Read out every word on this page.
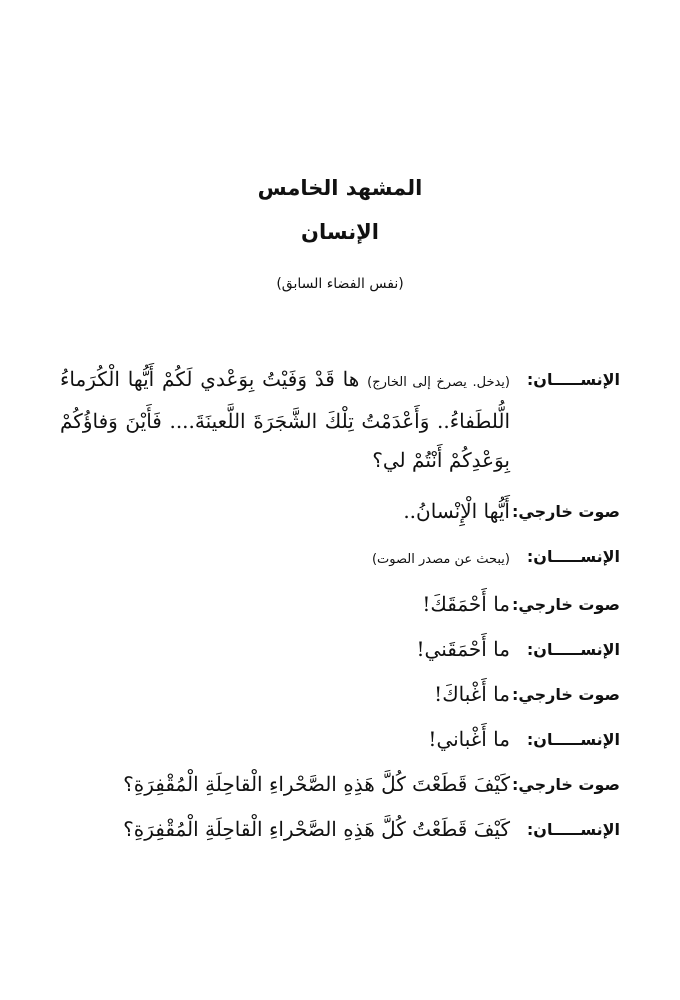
المشهد الخامس
الإنسان
(نفس الفضاء السابق)
الإنســـــان:
(يدخل. يصرخ إلى الخارج) ها قَدْ وَفَيْتُ بِوَعْدي لَكُمْ أَيُّها الْكُرَماءُ الُّلطَفاءُ.. وَأَعْدَمْتُ تِلْكَ الشَّجَرَةَ اللَّعينَةَ.... فَأَيْنَ وَفاؤُكُمْ بِوَعْدِكُمْ أَنْتُمْ لي؟
صوت خارجي:
أَيُّها الْإِنْسانُ..
الإنســـــان:
(يبحث عن مصدر الصوت)
صوت خارجي:
ما أَحْمَقَكَ!
الإنســـــان:
ما أَحْمَقَني!
صوت خارجي:
ما أَغْباكَ!
الإنســـــان:
ما أَغْباني!
صوت خارجي:
كَيْفَ قَطَعْتَ كُلَّ هَذِهِ الصَّحْراءِ الْقاحِلَةِ الْمُقْفِرَةِ؟
الإنســـــان:
كَيْفَ قَطَعْتُ كُلَّ هَذِهِ الصَّحْراءِ الْقاحِلَةِ الْمُقْفِرَةِ؟
